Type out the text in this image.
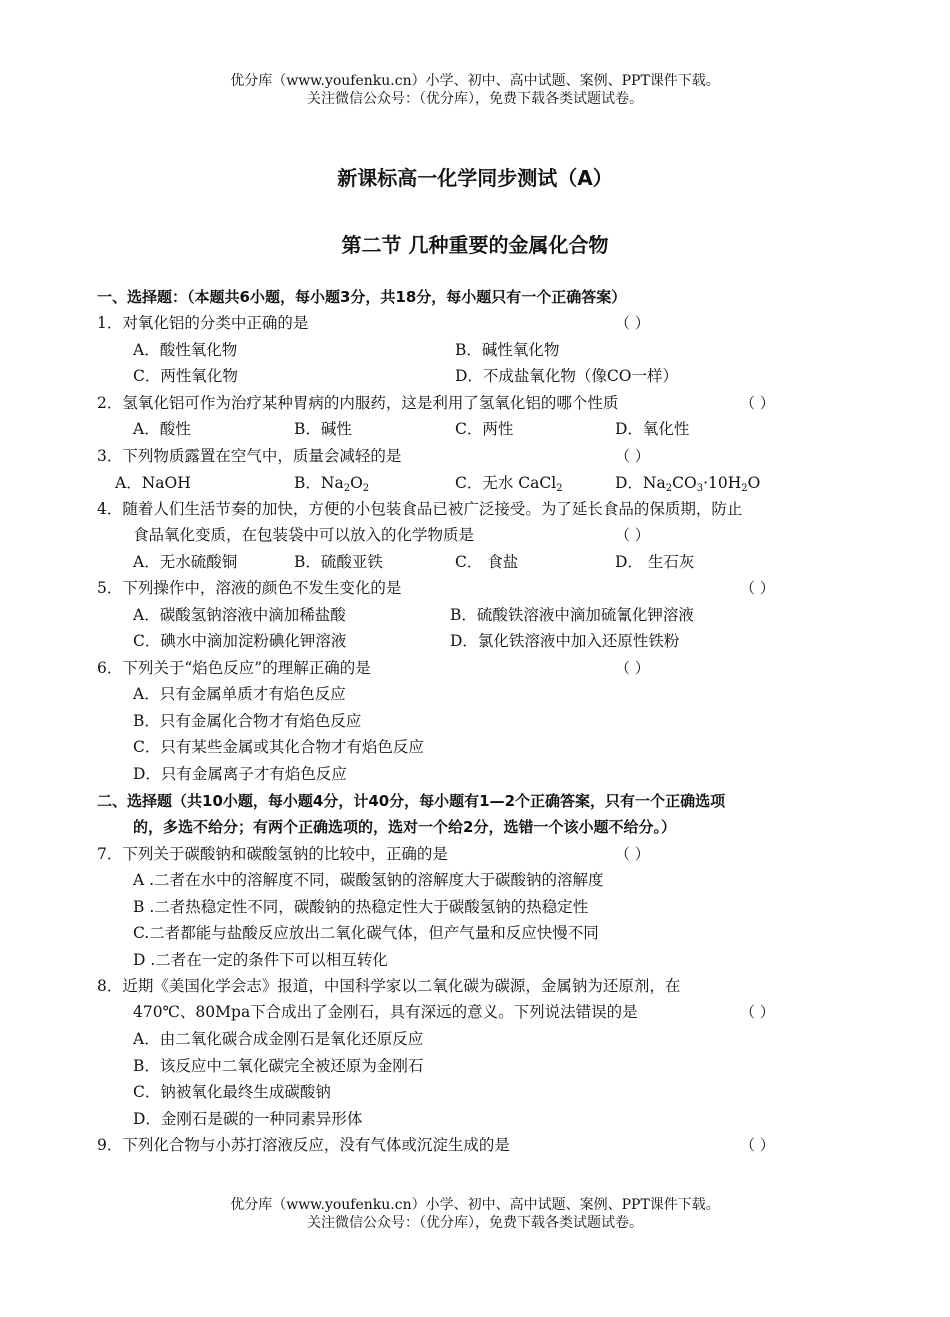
优分库（www.youfenku.cn）小学、初中、高中试题、案例、PPT课件下载。
关注微信公众号：（优分库），免费下载各类试题试卷。
新课标高一化学同步测试（A）
第二节 几种重要的金属化合物
一、选择题：（本题共6小题，每小题3分，共18分，每小题只有一个正确答案）
1．对氧化铝的分类中正确的是	（ ）
A．酸性氧化物	B．碱性氧化物
C．两性氧化物	D．不成盐氧化物（像CO一样）
2．氢氧化铝可作为治疗某种胃病的内服药，这是利用了氢氧化铝的哪个性质	（ ）
A．酸性	B．碱性	C．两性	D．氧化性
3．下列物质露置在空气中，质量会减轻的是	（ ）
A．NaOH	B．$Na_2O_2$	C．无水 CaCl$_2$	D．$Na_2CO_3\cdot 10H_2O$
4．随着人们生活节奏的加快，方便的小包装食品已被广泛接受。为了延长食品的保质期，防止
食品氧化变质，在包装袋中可以放入的化学物质是	（ ）
A．无水硫酸铜	B．硫酸亚铁	C． 食盐	D． 生石灰
5．下列操作中，溶液的颜色不发生变化的是	（ ）
A．碳酸氢钠溶液中滴加稀盐酸	B．硫酸铁溶液中滴加硫氰化钾溶液
C．碘水中滴加淀粉碘化钾溶液	D．氯化铁溶液中加入还原性铁粉
6．下列关于“焰色反应”的理解正确的是	（ ）
A．只有金属单质才有焰色反应
B．只有金属化合物才有焰色反应
C．只有某些金属或其化合物才有焰色反应
D．只有金属离子才有焰色反应
二、选择题（共10小题，每小题4分，计40分，每小题有1—2个正确答案，只有一个正确选项
的，多选不给分；有两个正确选项的，选对一个给2分，选错一个该小题不给分。）
7．下列关于碳酸钠和碳酸氢钠的比较中，正确的是	（ ）
A .二者在水中的溶解度不同，碳酸氢钠的溶解度大于碳酸钠的溶解度
B .二者热稳定性不同，碳酸钠的热稳定性大于碳酸氢钠的热稳定性
C.二者都能与盐酸反应放出二氧化碳气体，但产气量和反应快慢不同
D .二者在一定的条件下可以相互转化
8．近期《美国化学会志》报道，中国科学家以二氧化碳为碳源，金属钠为还原剂，在
470℃、80Mpa下合成出了金刚石，具有深远的意义。下列说法错误的是	（ ）
A．由二氧化碳合成金刚石是氧化还原反应
B．该反应中二氧化碳完全被还原为金刚石
C．钠被氧化最终生成碳酸钠
D．金刚石是碳的一种同素异形体
9．下列化合物与小苏打溶液反应，没有气体或沉淀生成的是	（ ）
优分库（www.youfenku.cn）小学、初中、高中试题、案例、PPT课件下载。
关注微信公众号：（优分库），免费下载各类试题试卷。
